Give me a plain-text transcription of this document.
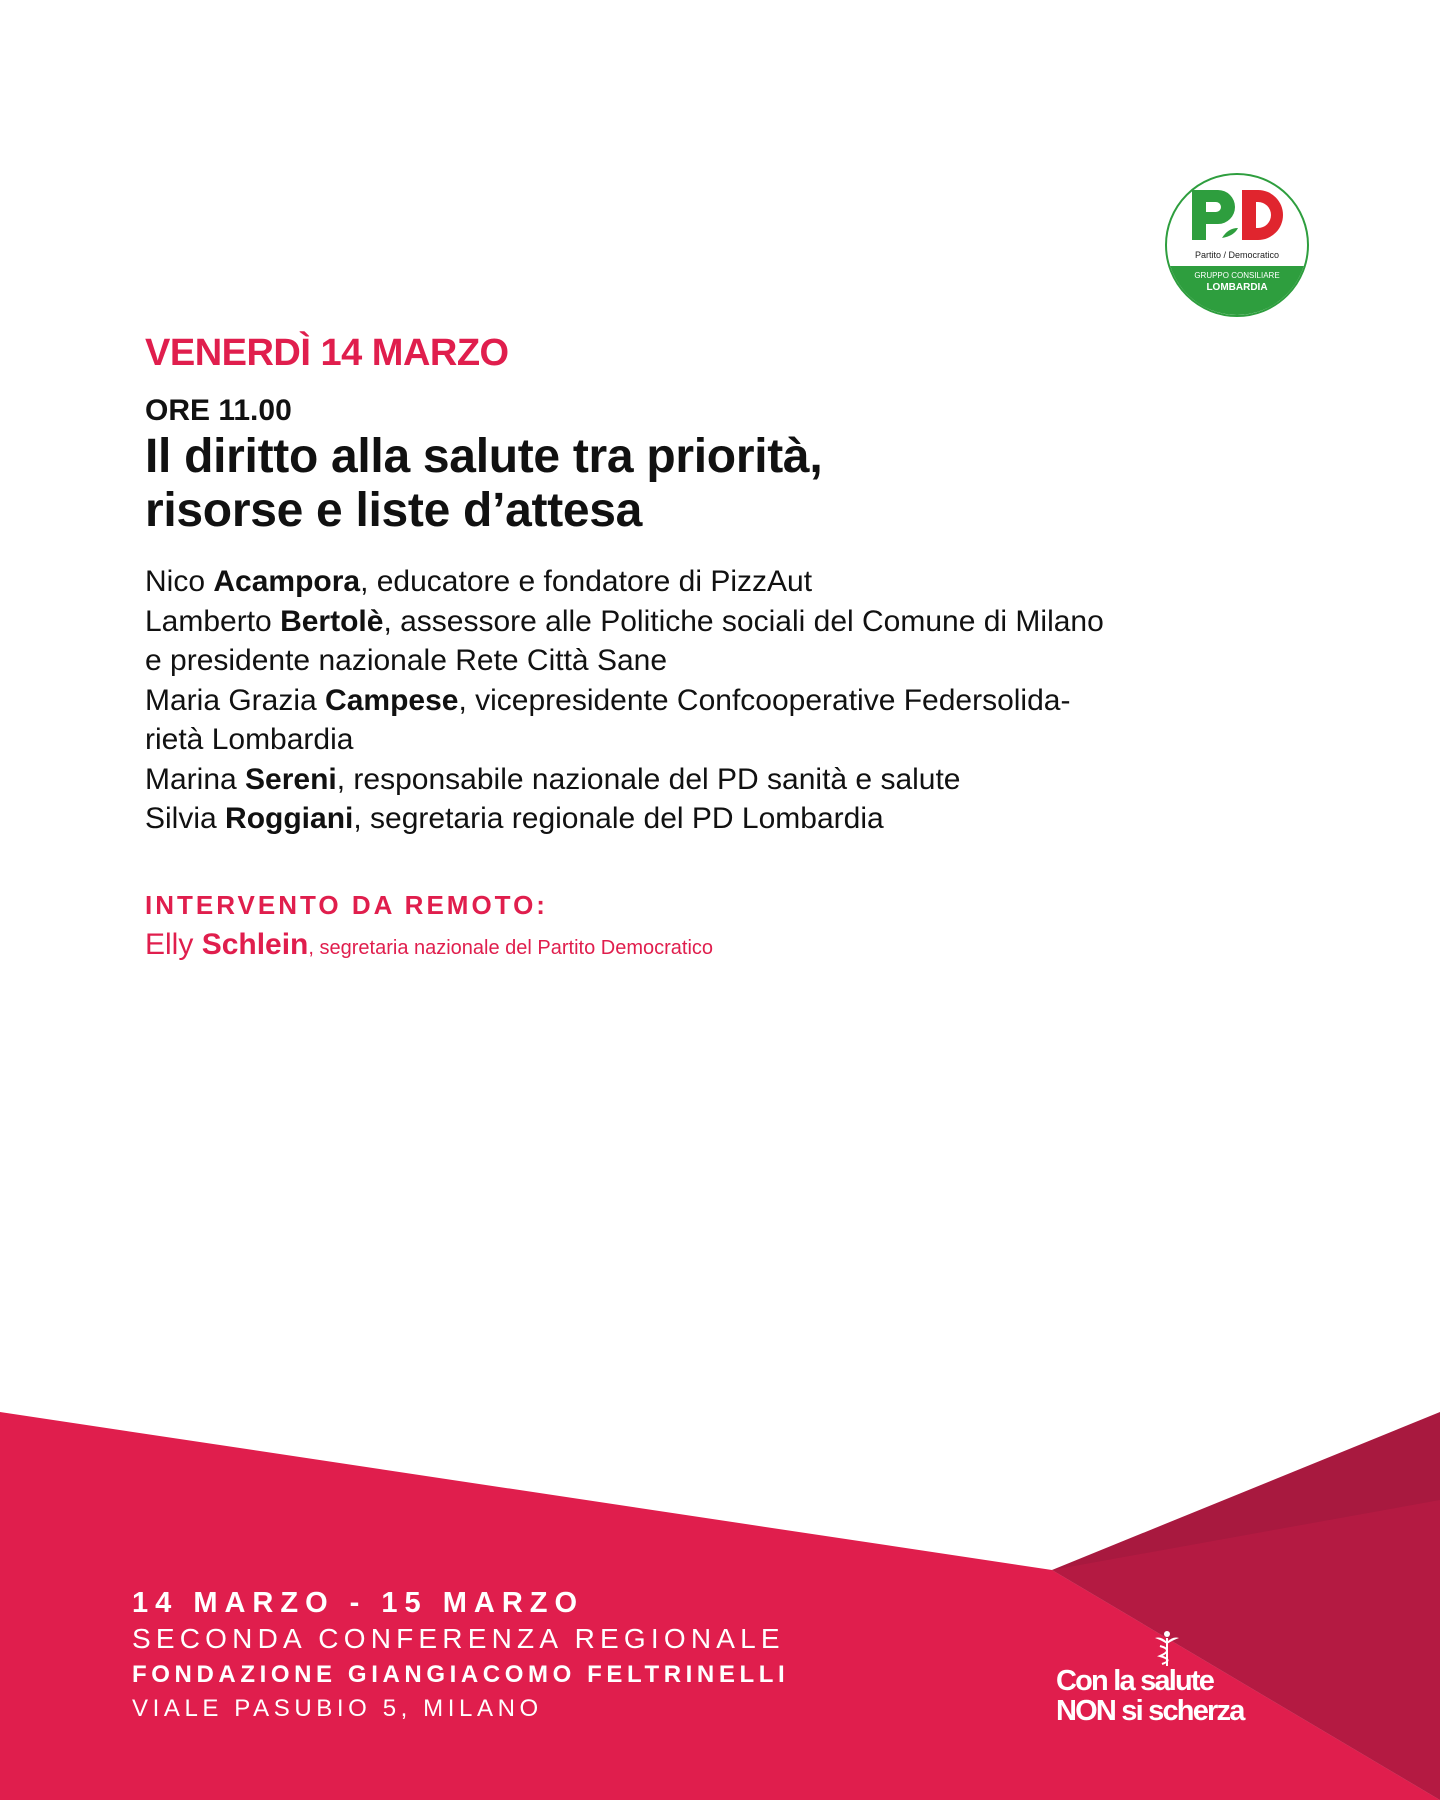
Partito / Democratico
GRUPPO CONSILIARE
LOMBARDIA

VENERDÌ 14 MARZO

ORE 11.00

Il diritto alla salute tra priorità,
risorse e liste d’attesa
Nico Acampora, educatore e fondatore di PizzAut
Lamberto Bertolè, assessore alle Politiche sociali del Comune di Milano
e presidente nazionale Rete Città Sane
Maria Grazia Campese, vicepresidente Confcooperative Federsolida-
rietà Lombardia
Marina Sereni, responsabile nazionale del PD sanità e salute
Silvia Roggiani, segretaria regionale del PD Lombardia

INTERVENTO DA REMOTO:

Elly Schlein, segretaria nazionale del Partito Democratico

14 MARZO - 15 MARZO

SECONDA CONFERENZA REGIONALE

FONDAZIONE GIANGIACOMO FELTRINELLI

VIALE PASUBIO 5, MILANO

Con la salute

NON si scherza
